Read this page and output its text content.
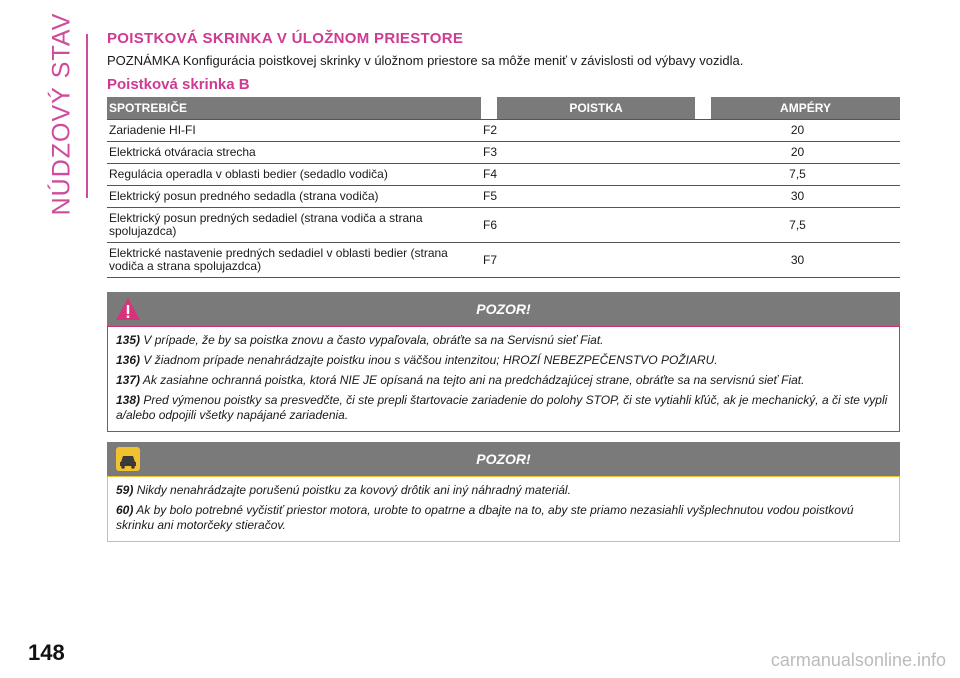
NÚDZOVÝ STAV POISTKOVÁ SKRINKA V ÚLOŽNOM PRIESTORE
POZNÁMKA Konfigurácia poistkovej skrinky v úložnom priestore sa môže meniť v závislosti od výbavy vozidla.
Poistková skrinka B
SPOTREBIČE		POISTKA		AMPÉRY
Zariadenie HI-FI	F2		20	
Elektrická otváracia strecha	F3		20	
Regulácia operadla v oblasti bedier (sedadlo vodiča)	F4		7,5	
Elektrický posun predného sedadla (strana vodiča)	F5		30	
Elektrický posun predných sedadiel (strana vodiča a strana spolujazdca)	F6		7,5	
Elektrické nastavenie predných sedadiel v oblasti bedier (strana vodiča a strana spolujazdca)	F7		30	
POZOR!

135) V prípade, že by sa poistka znovu a často vypaľovala, obráťte sa na Servisnú sieť Fiat.

136) V žiadnom prípade nenahrádzajte poistku inou s väčšou intenzitou; HROZÍ NEBEZPEČENSTVO POŽIARU.

137) Ak zasiahne ochranná poistka, ktorá NIE JE opísaná na tejto ani na predchádzajúcej strane, obráťte sa na servisnú sieť Fiat.

138) Pred výmenou poistky sa presvedčte, či ste prepli štartovacie zariadenie do polohy STOP, či ste vytiahli kľúč, ak je mechanický, a či ste vypli a/alebo odpojili všetky napájané zariadenia.

POZOR!

59) Nikdy nenahrádzajte porušenú poistku za kovový drôtik ani iný náhradný materiál.

60) Ak by bolo potrebné vyčistiť priestor motora, urobte to opatrne a dbajte na to, aby ste priamo nezasiahli vyšplechnutou vodou poistkovú skrinku ani motorčeky stieračov.

148	carmanualsonline.info
